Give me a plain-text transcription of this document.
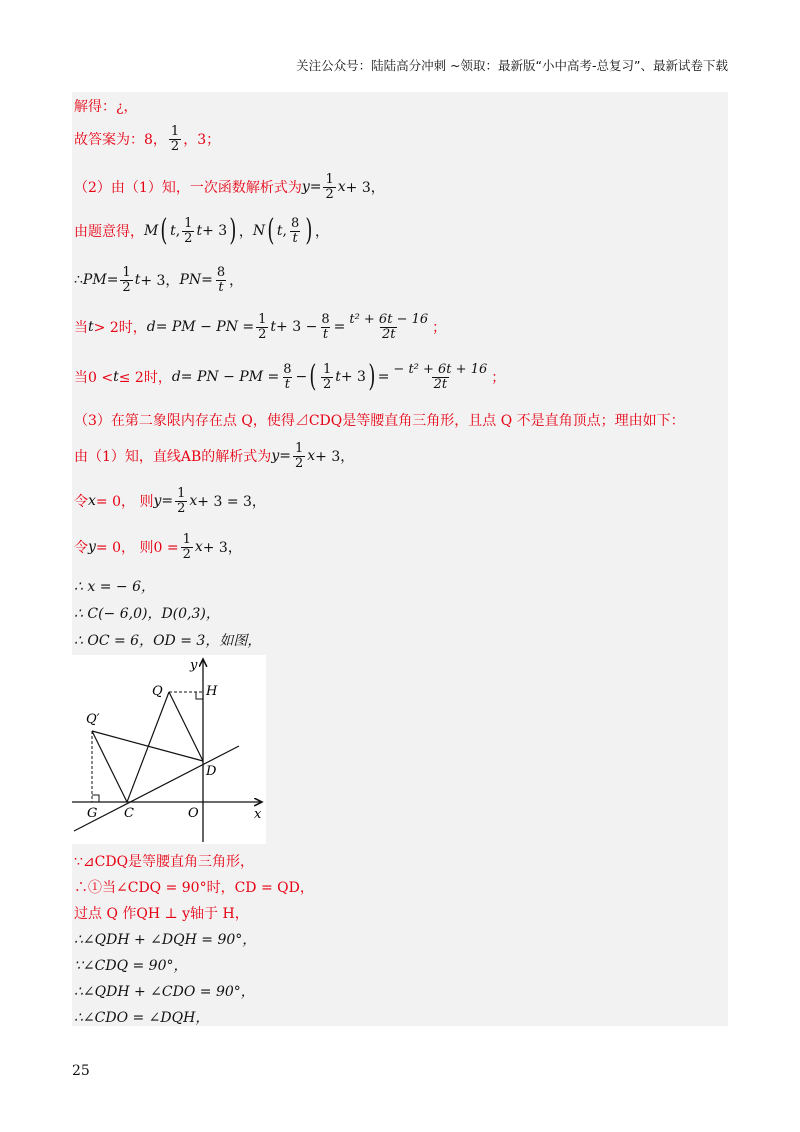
关注公众号：陆陆高分冲刺 ~领取：最新版“小中高考-总复习”、最新试卷下载
解得：¿，
故答案为：8， $\frac{1}{2}$ ，3；
（2）由（1）知，一次函数解析式为 $y = \frac{1}{2}$ x + 3，
由题意得， M ( t , $\frac{1}{2}$ t + 3 ) ， N ( t , $\frac{8}{t}$ ) ，
∴ PM = $\frac{1}{2}$ t + 3， PN = $\frac{8}{t}$ ，
当 t > 2时， d = PM − PN = $\frac{1}{2}$ $t + 3 - \frac{8}{t} = \frac{\text{t² + 6t − 16}}{2t}$ ；
当0 < t ≤ 2时， d = PN − PM = $\frac{8}{t}$ − ( $\frac{1}{2}$ t + 3 ) = $\frac{\text{− t² + 6t + 16}}{2t}$ ；
（3）在第二象限内存在点 Q，使得⊿CDQ是等腰直角三角形，且点 Q 不是直角顶点；理由如下：
由（1）知，直线AB的解析式为 $y = \frac{1}{2}$ x + 3，
令 x = 0， 则 $y = \frac{1}{2}$ x + 3 = 3，
令 y = 0， 则$0 = \frac{1}{2}$ x + 3，
∴ x = − 6，
∴ C(− 6,0)，D(0,3)，
∴ OC = 6，OD = 3，如图，
y
x
Q	H
Q′
D
G C	O
∵⊿CDQ是等腰直角三角形，
∴①当∠CDQ = 90°时，CD = QD，
过点 Q 作QH ⊥ y轴于 H，
∴∠QDH + ∠DQH = 90°，
∵∠CDQ = 90°，
∴∠QDH + ∠CDO = 90°，
∴∠CDO = ∠DQH，
25
